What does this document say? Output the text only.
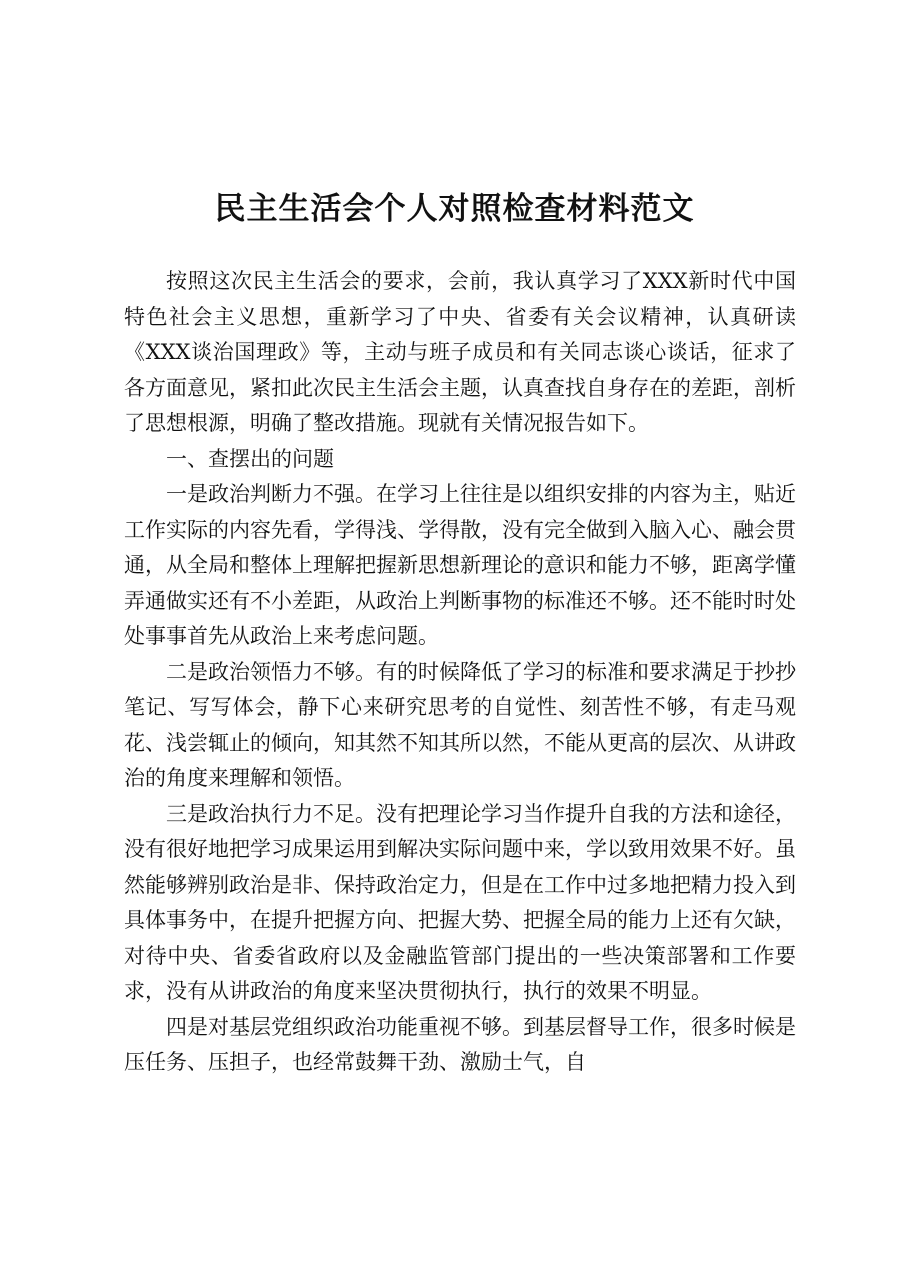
民主生活会个人对照检查材料范文

按照这次民主生活会的要求，会前，我认真学习了XXX新时代中国特色社会主义思想，重新学习了中央、省委有关会议精神，认真研读《XXX谈治国理政》等，主动与班子成员和有关同志谈心谈话，征求了各方面意见，紧扣此次民主生活会主题，认真查找自身存在的差距，剖析了思想根源，明确了整改措施。现就有关情况报告如下。

一、查摆出的问题

一是政治判断力不强。在学习上往往是以组织安排的内容为主，贴近工作实际的内容先看，学得浅、学得散，没有完全做到入脑入心、融会贯通，从全局和整体上理解把握新思想新理论的意识和能力不够，距离学懂弄通做实还有不小差距，从政治上判断事物的标准还不够。还不能时时处处事事首先从政治上来考虑问题。

二是政治领悟力不够。有的时候降低了学习的标准和要求满足于抄抄笔记、写写体会，静下心来研究思考的自觉性、刻苦性不够，有走马观花、浅尝辄止的倾向，知其然不知其所以然，不能从更高的层次、从讲政治的角度来理解和领悟。

三是政治执行力不足。没有把理论学习当作提升自我的方法和途径，没有很好地把学习成果运用到解决实际问题中来，学以致用效果不好。虽然能够辨别政治是非、保持政治定力，但是在工作中过多地把精力投入到具体事务中，在提升把握方向、把握大势、把握全局的能力上还有欠缺，对待中央、省委省政府以及金融监管部门提出的一些决策部署和工作要求，没有从讲政治的角度来坚决贯彻执行，执行的效果不明显。

四是对基层党组织政治功能重视不够。到基层督导工作，很多时候是压任务、压担子，也经常鼓舞干劲、激励士气，自
